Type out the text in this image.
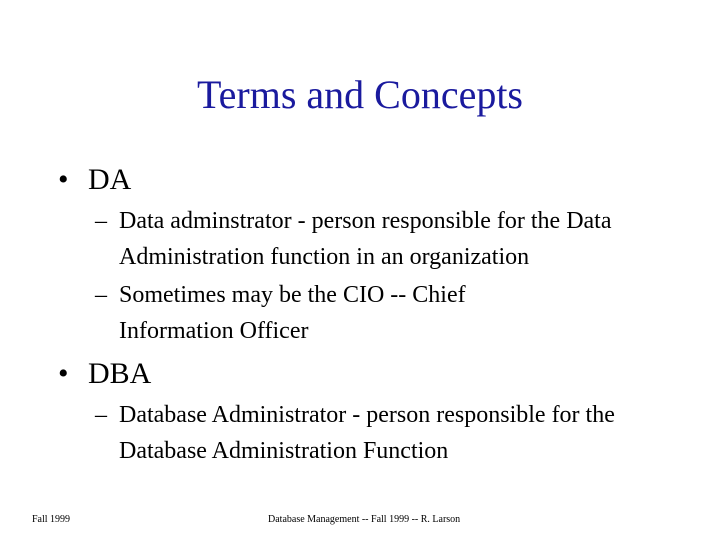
Terms and Concepts
• DA
– Data adminstrator - person responsible for the Data Administration function in an organization
– Sometimes may be the CIO -- Chief Information Officer
• DBA
– Database Administrator - person responsible for the Database Administration Function
Fall 1999	Database Management -- Fall 1999 -- R. Larson
